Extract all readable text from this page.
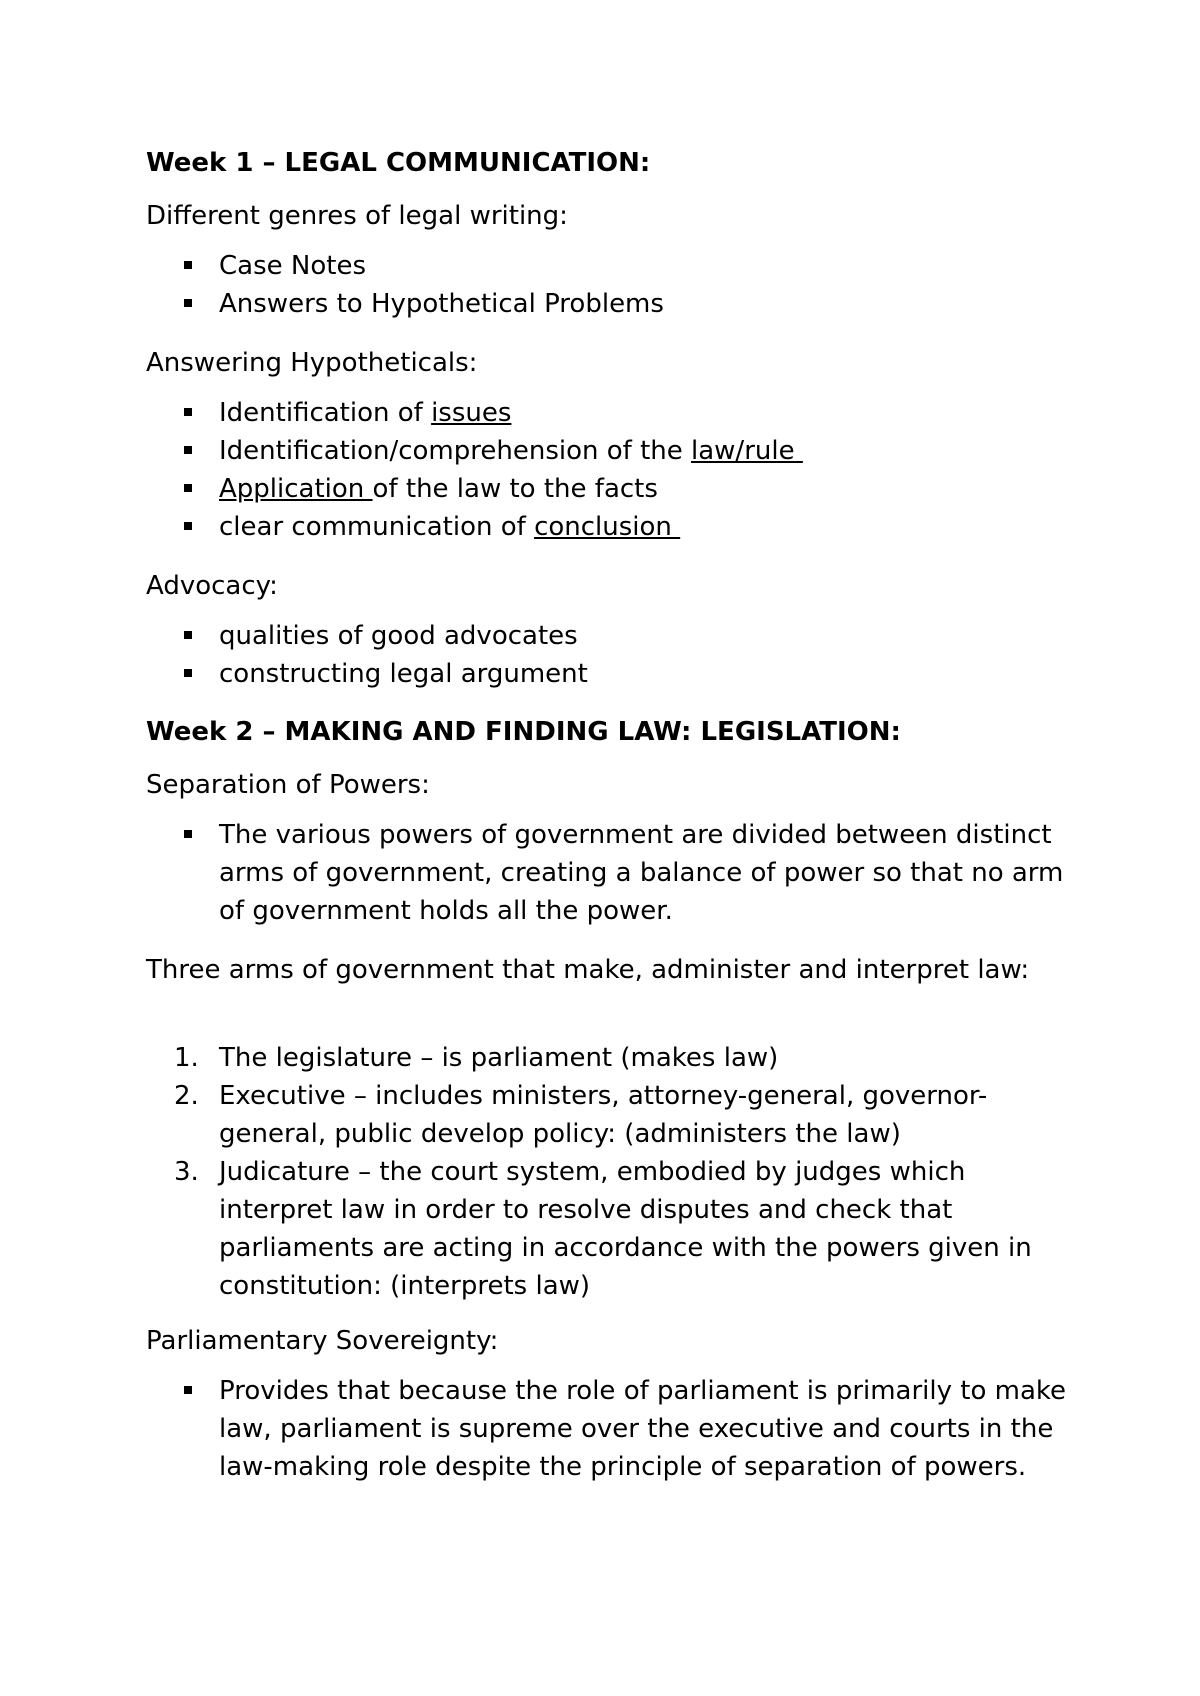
Week 1 – LEGAL COMMUNICATION:

Different genres of legal writing:

Case Notes
Answers to Hypothetical Problems

Answering Hypotheticals:

Identification of issues
Identification/comprehension of the law/rule
Application of the law to the facts
clear communication of conclusion

Advocacy:

qualities of good advocates
constructing legal argument
Week 2 – MAKING AND FINDING LAW: LEGISLATION:

Separation of Powers:

The various powers of government are divided between distinct arms of government, creating a balance of power so that no arm of government holds all the power.

Three arms of government that make, administer and interpret law:

1. The legislature – is parliament (makes law)
2. Executive – includes ministers, attorney-general, governor-general, public develop policy: (administers the law)
3. Judicature – the court system, embodied by judges which interpret law in order to resolve disputes and check that parliaments are acting in accordance with the powers given in constitution: (interprets law)

Parliamentary Sovereignty:

Provides that because the role of parliament is primarily to make law, parliament is supreme over the executive and courts in the law-making role despite the principle of separation of powers.
